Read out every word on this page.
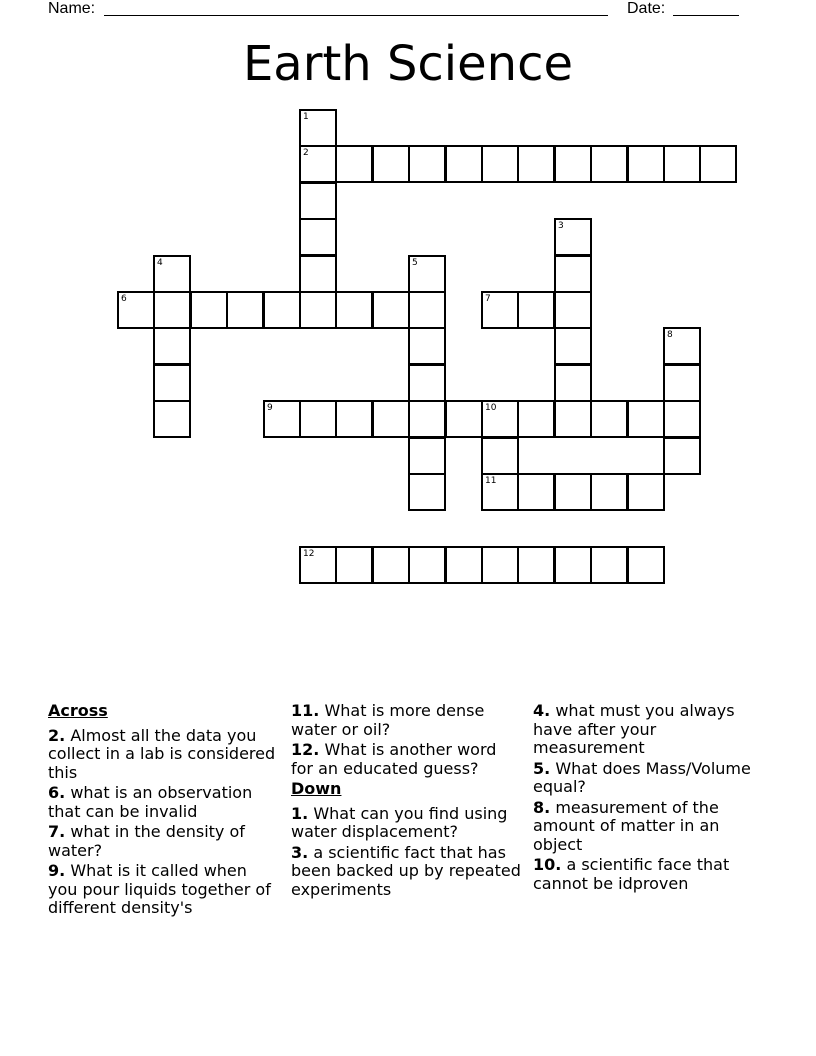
Name:	Date:
Earth Science
1
2
3
4	5
6	7
8
9	10
11
12
Across
2. Almost all the data you collect in a lab is considered this
6. what is an observation that can be invalid
7. what in the density of water?
9. What is it called when you pour liquids together of different density's
11. What is more dense water or oil?
12. What is another word for an educated guess?
Down
1. What can you find using water displacement?
3. a scientific fact that has been backed up by repeated experiments
4. what must you always have after your measurement
5. What does Mass/Volume equal?
8. measurement of the amount of matter in an object
10. a scientific face that cannot be idproven
